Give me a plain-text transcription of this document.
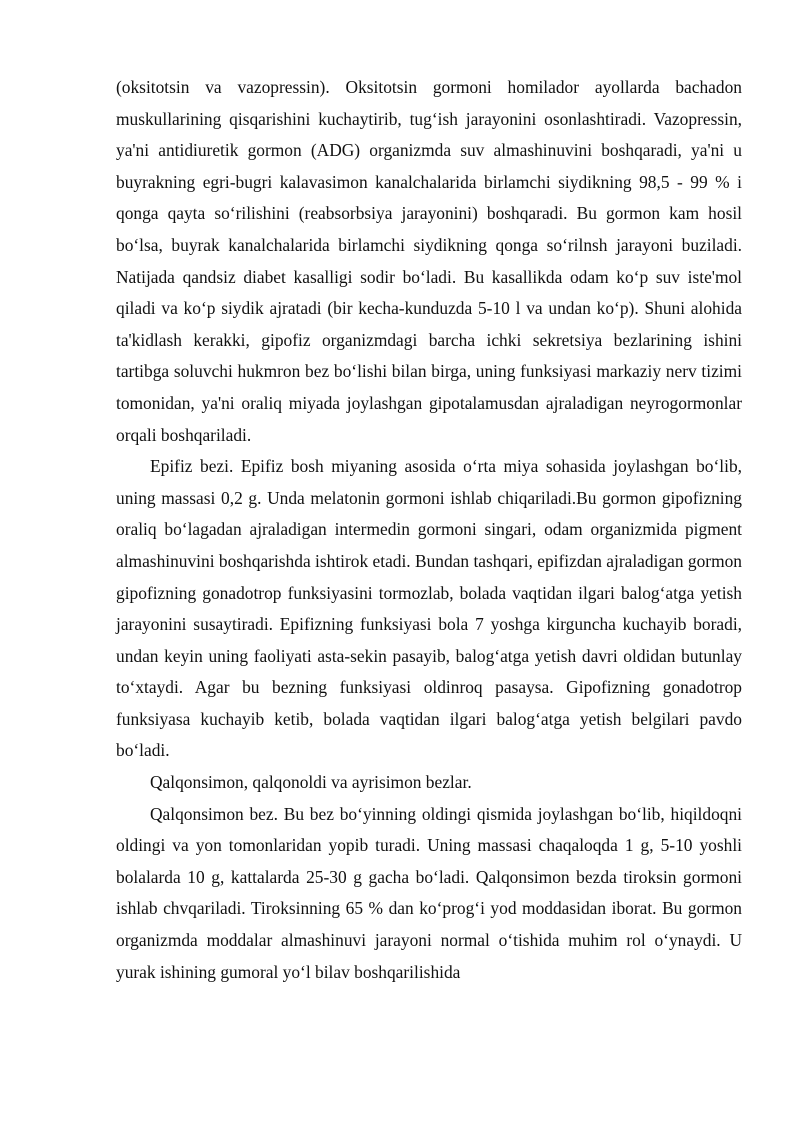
(oksitotsin va vazopressin). Oksitotsin gormoni homilador ayollarda bachadon muskullarining qisqarishini kuchaytirib, tug‘ish jarayonini osonlashtiradi. Vazopressin, ya'ni antidiuretik gormon (ADG) organizmda suv almashinuvini boshqaradi, ya'ni u buyrakning egri-bugri kalavasimon kanalchalarida birlamchi siydikning 98,5 - 99 % i qonga qayta so‘rilishini (reabsorbsiya jarayonini) boshqaradi. Bu gormon kam hosil bo‘lsa, buyrak kanalchalarida birlamchi siydikning qonga so‘rilnsh jarayoni buziladi. Natijada qandsiz diabet kasalligi sodir bo‘ladi. Bu kasallikda odam ko‘p suv iste'mol qiladi va ko‘p siydik ajratadi (bir kecha-kunduzda 5-10 l va undan ko‘p). Shuni alohida ta'kidlash kerakki, gipofiz organizmdagi barcha ichki sekretsiya bezlarining ishini tartibga soluvchi hukmron bez bo‘lishi bilan birga, uning funksiyasi markaziy nerv tizimi tomonidan, ya'ni oraliq miyada joylashgan gipotalamusdan ajraladigan neyrogormonlar orqali boshqariladi.

Epifiz bezi. Epifiz bosh miyaning asosida o‘rta miya sohasida joylashgan bo‘lib, uning massasi 0,2 g. Unda melatonin gormoni ishlab chiqariladi.Bu gormon gipofizning oraliq bo‘lagadan ajraladigan intermedin gormoni singari, odam organizmida pigment almashinuvini boshqarishda ishtirok etadi. Bundan tashqari, epifizdan ajraladigan gormon gipofizning gonadotrop funksiyasini tormozlab, bolada vaqtidan ilgari balog‘atga yetish jarayonini susaytiradi. Epifizning funksiyasi bola 7 yoshga kirguncha kuchayib boradi, undan keyin uning faoliyati asta-sekin pasayib, balog‘atga yetish davri oldidan butunlay to‘xtaydi. Agar bu bezning funksiyasi oldinroq pasaysa. Gipofizning gonadotrop funksiyasa kuchayib ketib, bolada vaqtidan ilgari balog‘atga yetish belgilari pavdo bo‘ladi.

Qalqonsimon, qalqonoldi va ayrisimon bezlar.

Qalqonsimon bez. Bu bez bo‘yinning oldingi qismida joylashgan bo‘lib, hiqildoqni oldingi va yon tomonlaridan yopib turadi. Uning massasi chaqaloqda 1 g, 5-10 yoshli bolalarda 10 g, kattalarda 25-30 g gacha bo‘ladi. Qalqonsimon bezda tiroksin gormoni ishlab chvqariladi. Tiroksinning 65 % dan ko‘prog‘i yod moddasidan iborat. Bu gormon organizmda moddalar almashinuvi jarayoni normal o‘tishida muhim rol o‘ynaydi. U yurak ishining gumoral yo‘l bilav boshqarilishida
